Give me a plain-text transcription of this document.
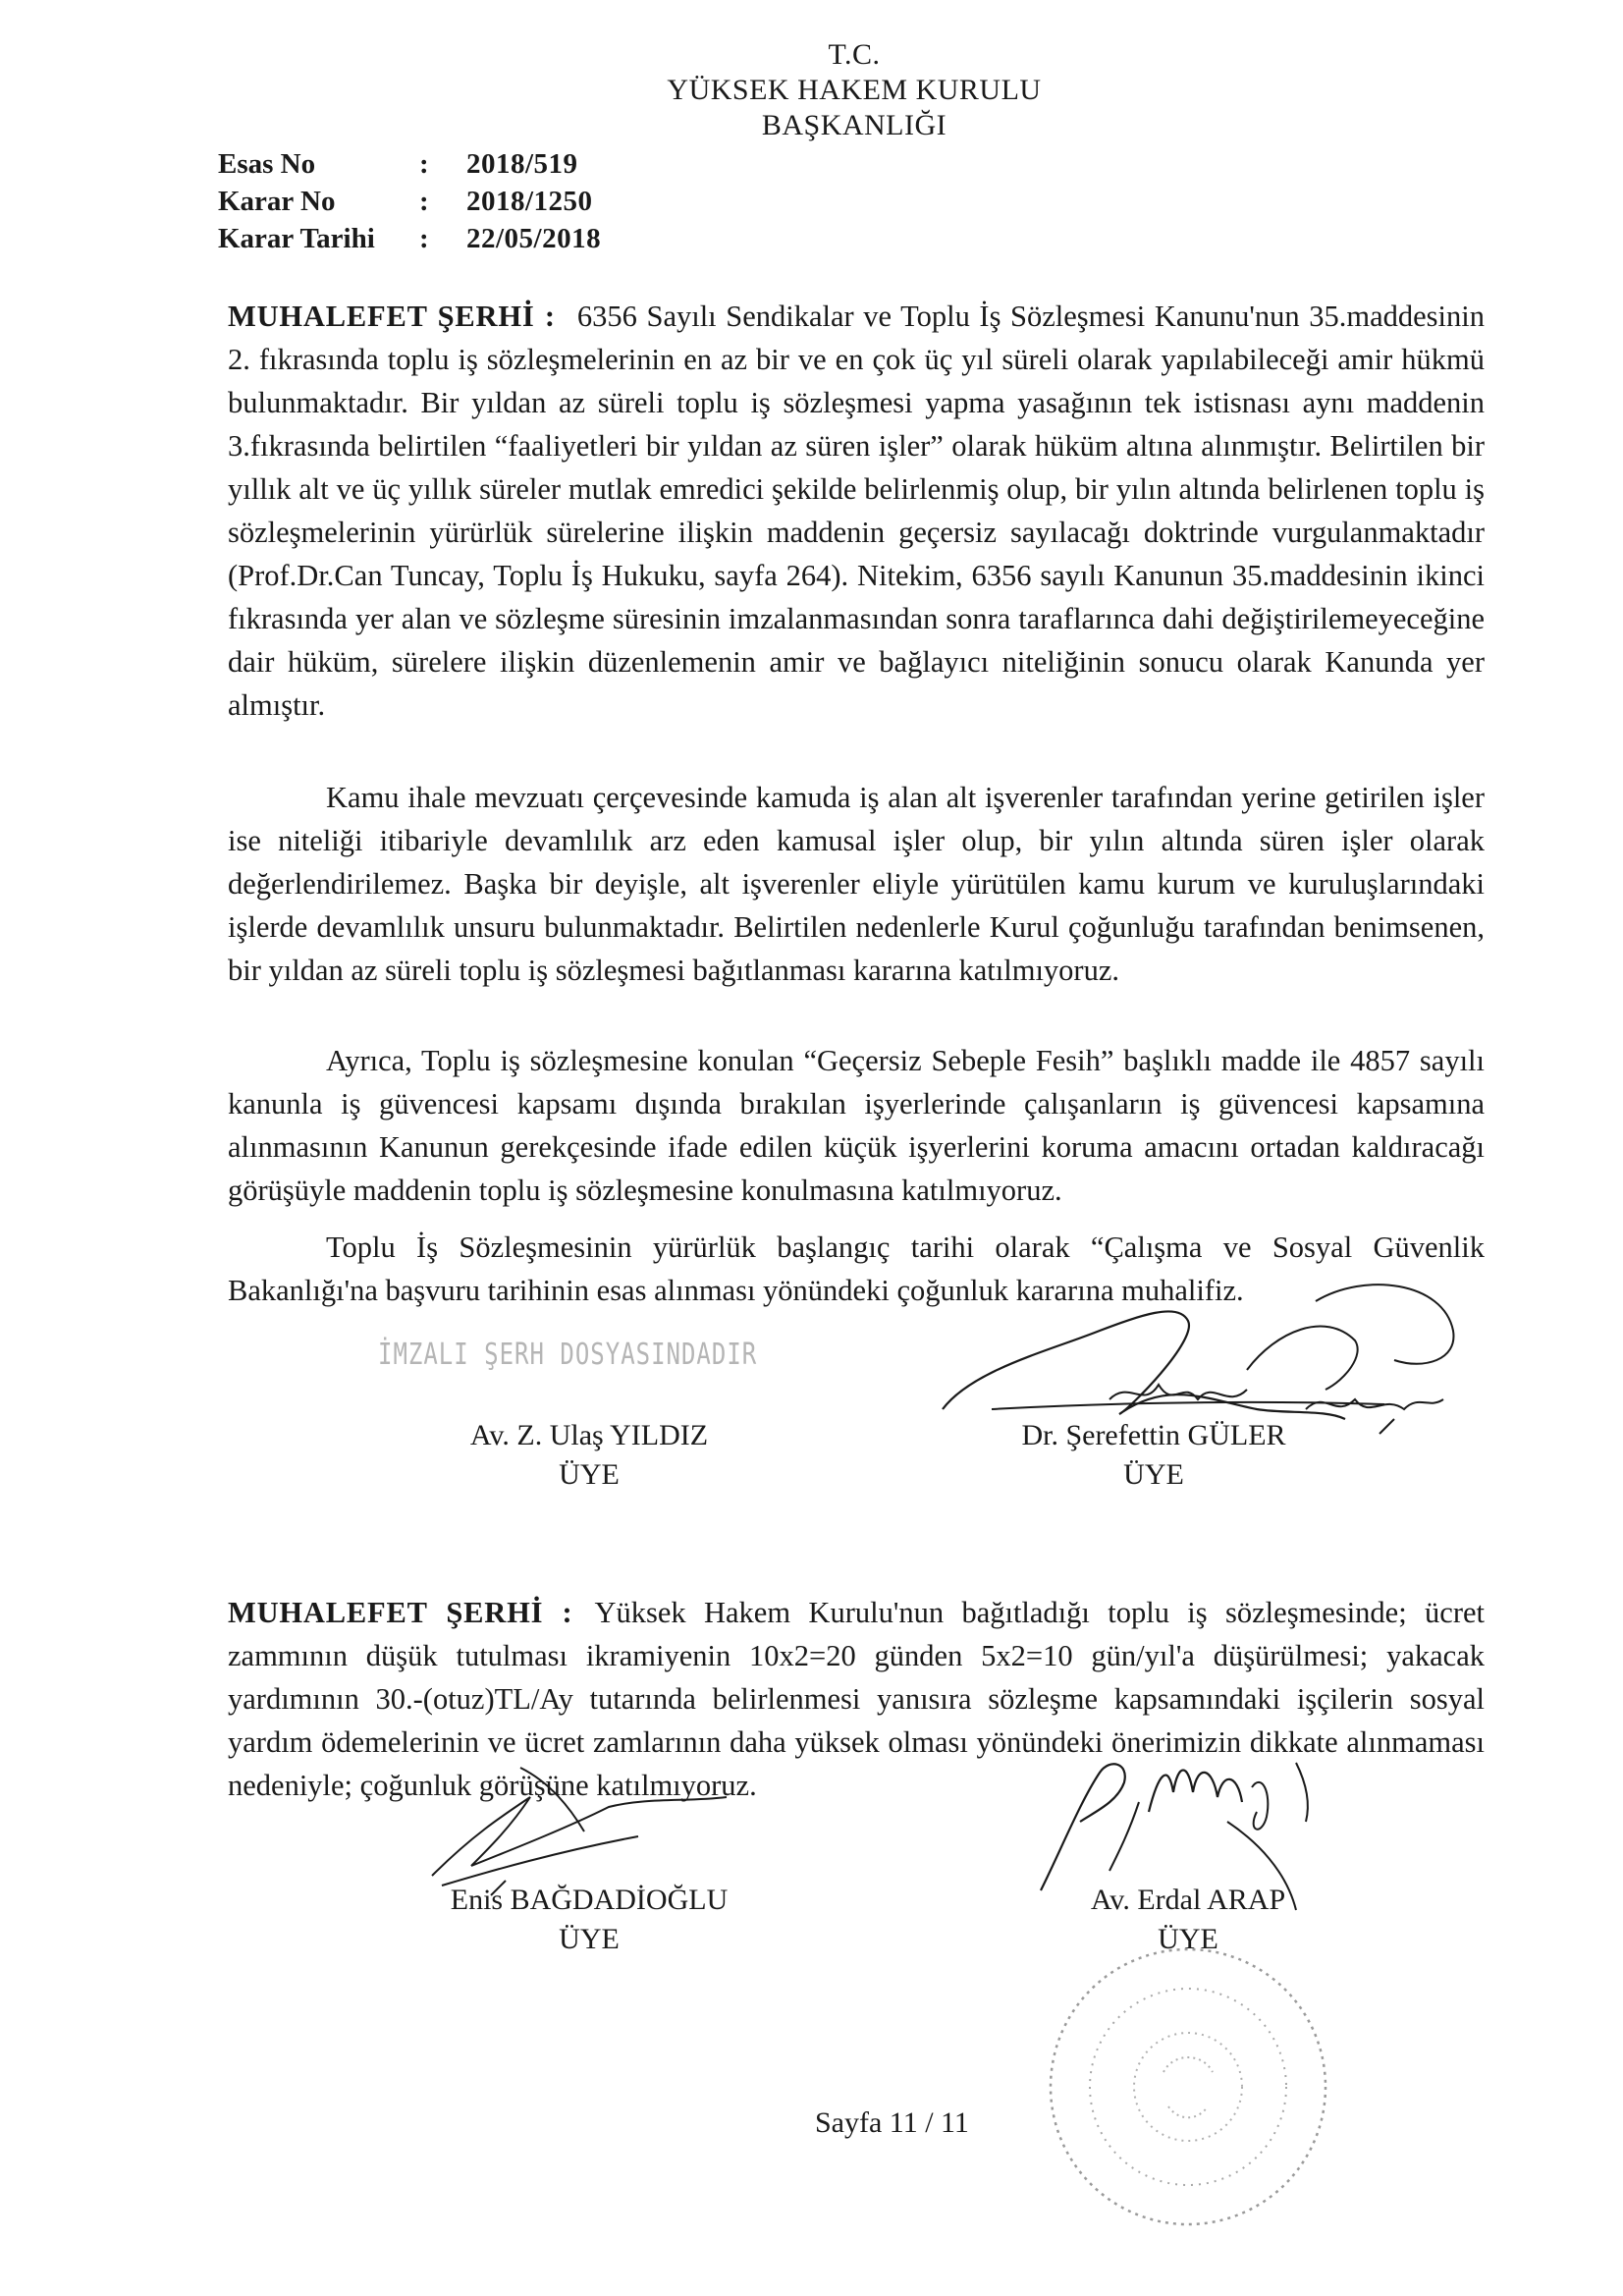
T.C.
YÜKSEK HAKEM KURULU
BAŞKANLIĞI
Esas No	:	2018/519
Karar No	:	2018/1250
Karar Tarihi	:	22/05/2018

MUHALEFET ŞERHİ : 6356 Sayılı Sendikalar ve Toplu İş Sözleşmesi Kanunu'nun 35.maddesinin 2. fıkrasında toplu iş sözleşmelerinin en az bir ve en çok üç yıl süreli olarak yapılabileceği amir hükmü bulunmaktadır. Bir yıldan az süreli toplu iş sözleşmesi yapma yasağının tek istisnası aynı maddenin 3.fıkrasında belirtilen “faaliyetleri bir yıldan az süren işler” olarak hüküm altına alınmıştır. Belirtilen bir yıllık alt ve üç yıllık süreler mutlak emredici şekilde belirlenmiş olup, bir yılın altında belirlenen toplu iş sözleşmelerinin yürürlük sürelerine ilişkin maddenin geçersiz sayılacağı doktrinde vurgulanmaktadır (Prof.Dr.Can Tuncay, Toplu İş Hukuku, sayfa 264). Nitekim, 6356 sayılı Kanunun 35.maddesinin ikinci fıkrasında yer alan ve sözleşme süresinin imzalanmasından sonra taraflarınca dahi değiştirilemeyeceğine dair hüküm, sürelere ilişkin düzenlemenin amir ve bağlayıcı niteliğinin sonucu olarak Kanunda yer almıştır.

Kamu ihale mevzuatı çerçevesinde kamuda iş alan alt işverenler tarafından yerine getirilen işler ise niteliği itibariyle devamlılık arz eden kamusal işler olup, bir yılın altında süren işler olarak değerlendirilemez. Başka bir deyişle, alt işverenler eliyle yürütülen kamu kurum ve kuruluşlarındaki işlerde devamlılık unsuru bulunmaktadır. Belirtilen nedenlerle Kurul çoğunluğu tarafından benimsenen, bir yıldan az süreli toplu iş sözleşmesi bağıtlanması kararına katılmıyoruz.

Ayrıca, Toplu iş sözleşmesine konulan “Geçersiz Sebeple Fesih” başlıklı madde ile 4857 sayılı kanunla iş güvencesi kapsamı dışında bırakılan işyerlerinde çalışanların iş güvencesi kapsamına alınmasının Kanunun gerekçesinde ifade edilen küçük işyerlerini koruma amacını ortadan kaldıracağı görüşüyle maddenin toplu iş sözleşmesine konulmasına katılmıyoruz.

Toplu İş Sözleşmesinin yürürlük başlangıç tarihi olarak “Çalışma ve Sosyal Güvenlik Bakanlığı'na başvuru tarihinin esas alınması yönündeki çoğunluk kararına muhalifiz.

İMZALI ŞERH DOSYASINDADIR
Av. Z. Ulaş YILDIZ
ÜYE
Dr. Şerefettin GÜLER
ÜYE

MUHALEFET ŞERHİ : Yüksek Hakem Kurulu'nun bağıtladığı toplu iş sözleşmesinde; ücret zammının düşük tutulması ikramiyenin 10x2=20 günden 5x2=10 gün/yıl'a düşürülmesi; yakacak yardımının 30.-(otuz)TL/Ay tutarında belirlenmesi yanısıra sözleşme kapsamındaki işçilerin sosyal yardım ödemelerinin ve ücret zamlarının daha yüksek olması yönündeki önerimizin dikkate alınmaması nedeniyle; çoğunluk görüşüne katılmıyoruz.

Enis BAĞDADİOĞLU
ÜYE
Av. Erdal ARAP
ÜYE
Sayfa 11 / 11
